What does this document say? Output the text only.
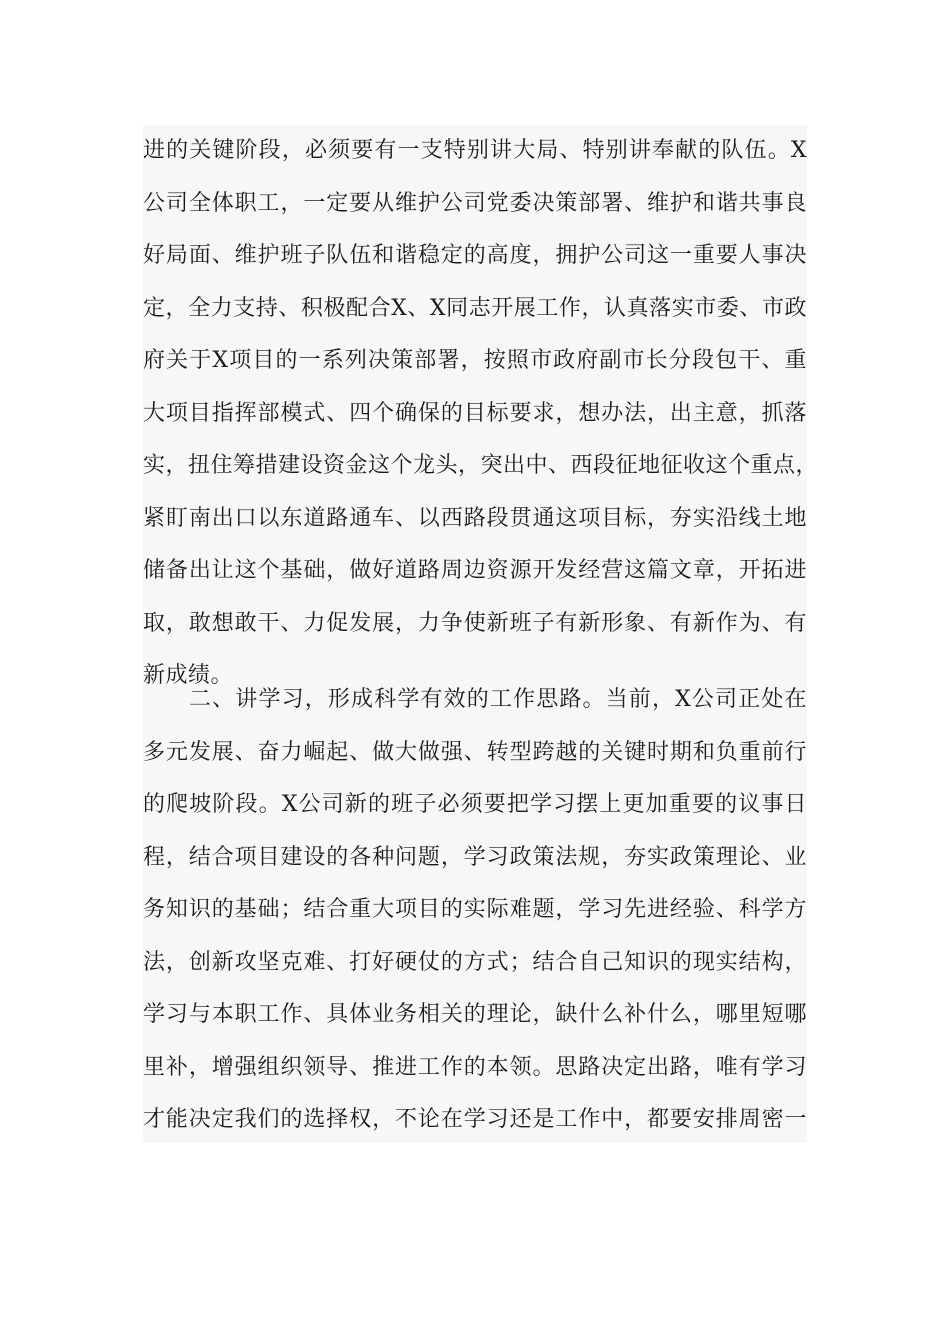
进的关键阶段，必须要有一支特别讲大局、特别讲奉献的队伍。X
公司全体职工，一定要从维护公司党委决策部署、维护和谐共事良
好局面、维护班子队伍和谐稳定的高度，拥护公司这一重要人事决
定，全力支持、积极配合X、X同志开展工作，认真落实市委、市政
府关于X项目的一系列决策部署，按照市政府副市长分段包干、重
大项目指挥部模式、四个确保的目标要求，想办法，出主意，抓落
实，扭住筹措建设资金这个龙头，突出中、西段征地征收这个重点，
紧盯南出口以东道路通车、以西路段贯通这项目标，夯实沿线土地
储备出让这个基础，做好道路周边资源开发经营这篇文章，开拓进
取，敢想敢干、力促发展，力争使新班子有新形象、有新作为、有
新成绩。
二、讲学习，形成科学有效的工作思路。当前，X公司正处在
多元发展、奋力崛起、做大做强、转型跨越的关键时期和负重前行
的爬坡阶段。X公司新的班子必须要把学习摆上更加重要的议事日
程，结合项目建设的各种问题，学习政策法规，夯实政策理论、业
务知识的基础；结合重大项目的实际难题，学习先进经验、科学方
法，创新攻坚克难、打好硬仗的方式；结合自己知识的现实结构，
学习与本职工作、具体业务相关的理论，缺什么补什么，哪里短哪
里补，增强组织领导、推进工作的本领。思路决定出路，唯有学习
才能决定我们的选择权，不论在学习还是工作中，都要安排周密一
